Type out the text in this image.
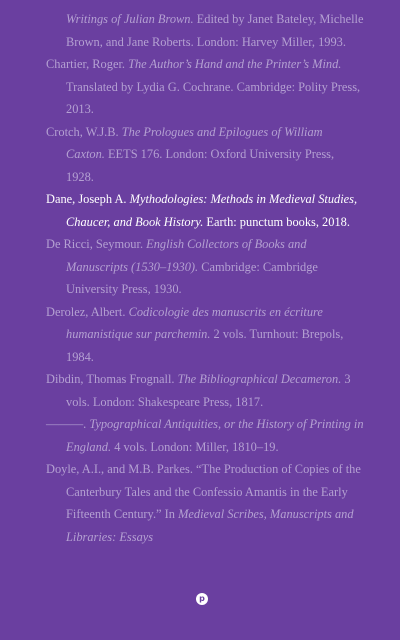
Writings of Julian Brown. Edited by Janet Bateley, Michelle Brown, and Jane Roberts. London: Harvey Miller, 1993.
Chartier, Roger. The Author’s Hand and the Printer’s Mind. Translated by Lydia G. Cochrane. Cambridge: Polity Press, 2013.
Crotch, W.J.B. The Prologues and Epilogues of William Caxton. EETS 176. London: Oxford University Press, 1928.
Dane, Joseph A. Mythodologies: Methods in Medieval Studies, Chaucer, and Book History. Earth: punctum books, 2018.
De Ricci, Seymour. English Collectors of Books and Manuscripts (1530–1930). Cambridge: Cambridge University Press, 1930.
Derolez, Albert. Codicologie des manuscrits en écriture humanistique sur parchemin. 2 vols. Turnhout: Brepols, 1984.
Dibdin, Thomas Frognall. The Bibliographical Decameron. 3 vols. London: Shakespeare Press, 1817.
———. Typographical Antiquities, or the History of Printing in England. 4 vols. London: Miller, 1810–19.
Doyle, A.I., and M.B. Parkes. “The Production of Copies of the Canterbury Tales and the Confessio Amantis in the Early Fifteenth Century.” In Medieval Scribes, Manuscripts and Libraries: Essays
p
